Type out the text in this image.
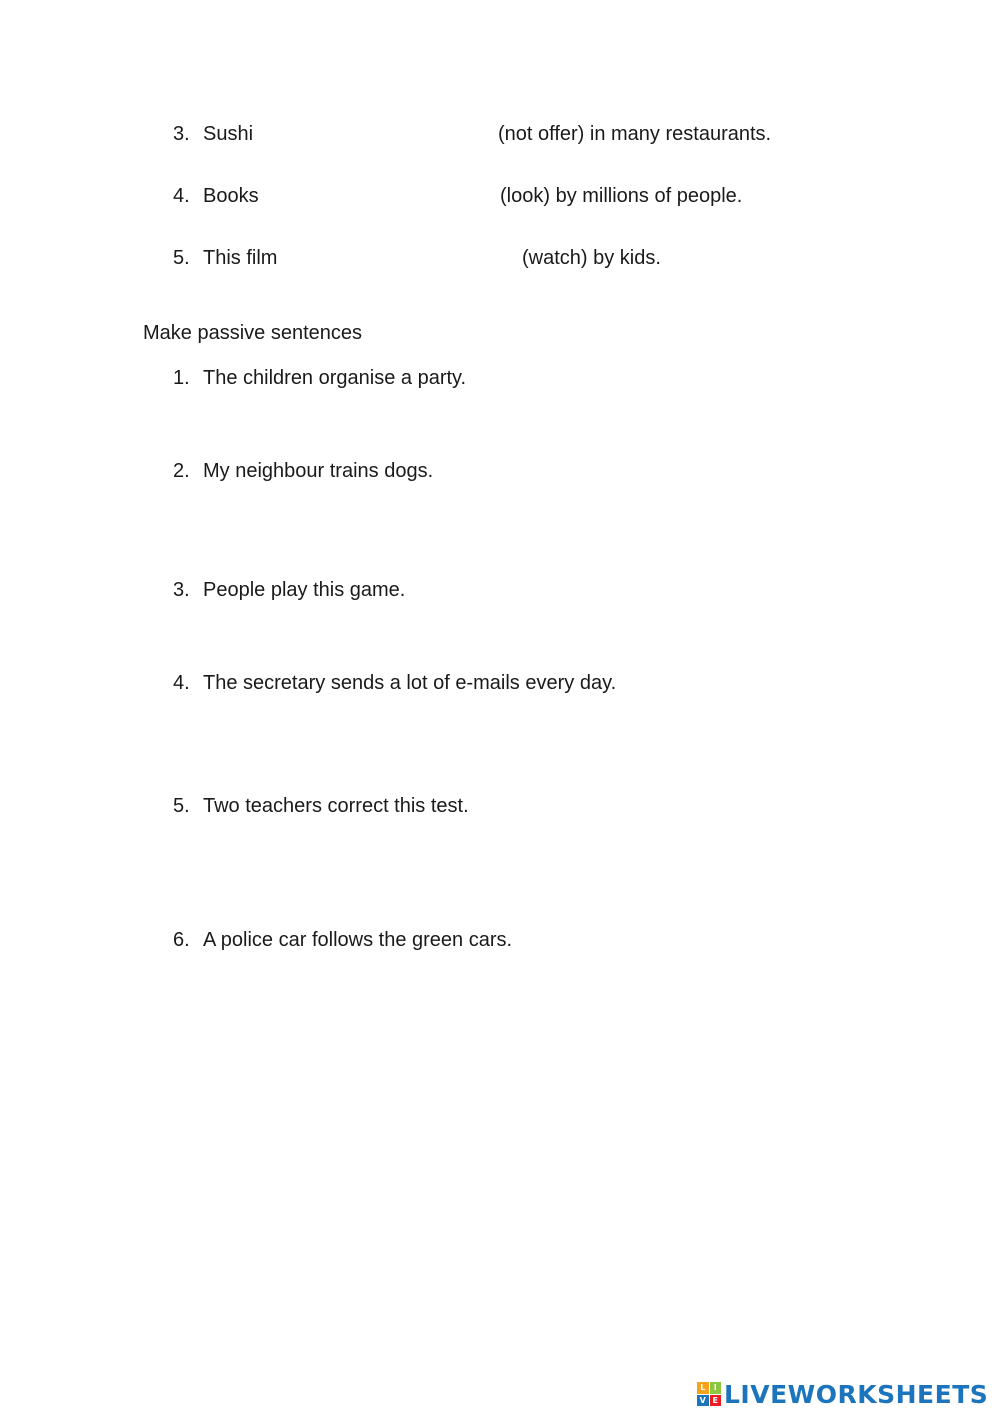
3. Sushi	(not offer) in many restaurants.
4. Books	(look) by millions of people.
5. This film	(watch) by kids.
Make passive sentences
1. The children organise a party.
2. My neighbour trains dogs.
3. People play this game.
4. The secretary sends a lot of e-mails every day.
5. Two teachers correct this test.
6. A police car follows the green cars.
L	I
V E LIVEWORKSHEETS
